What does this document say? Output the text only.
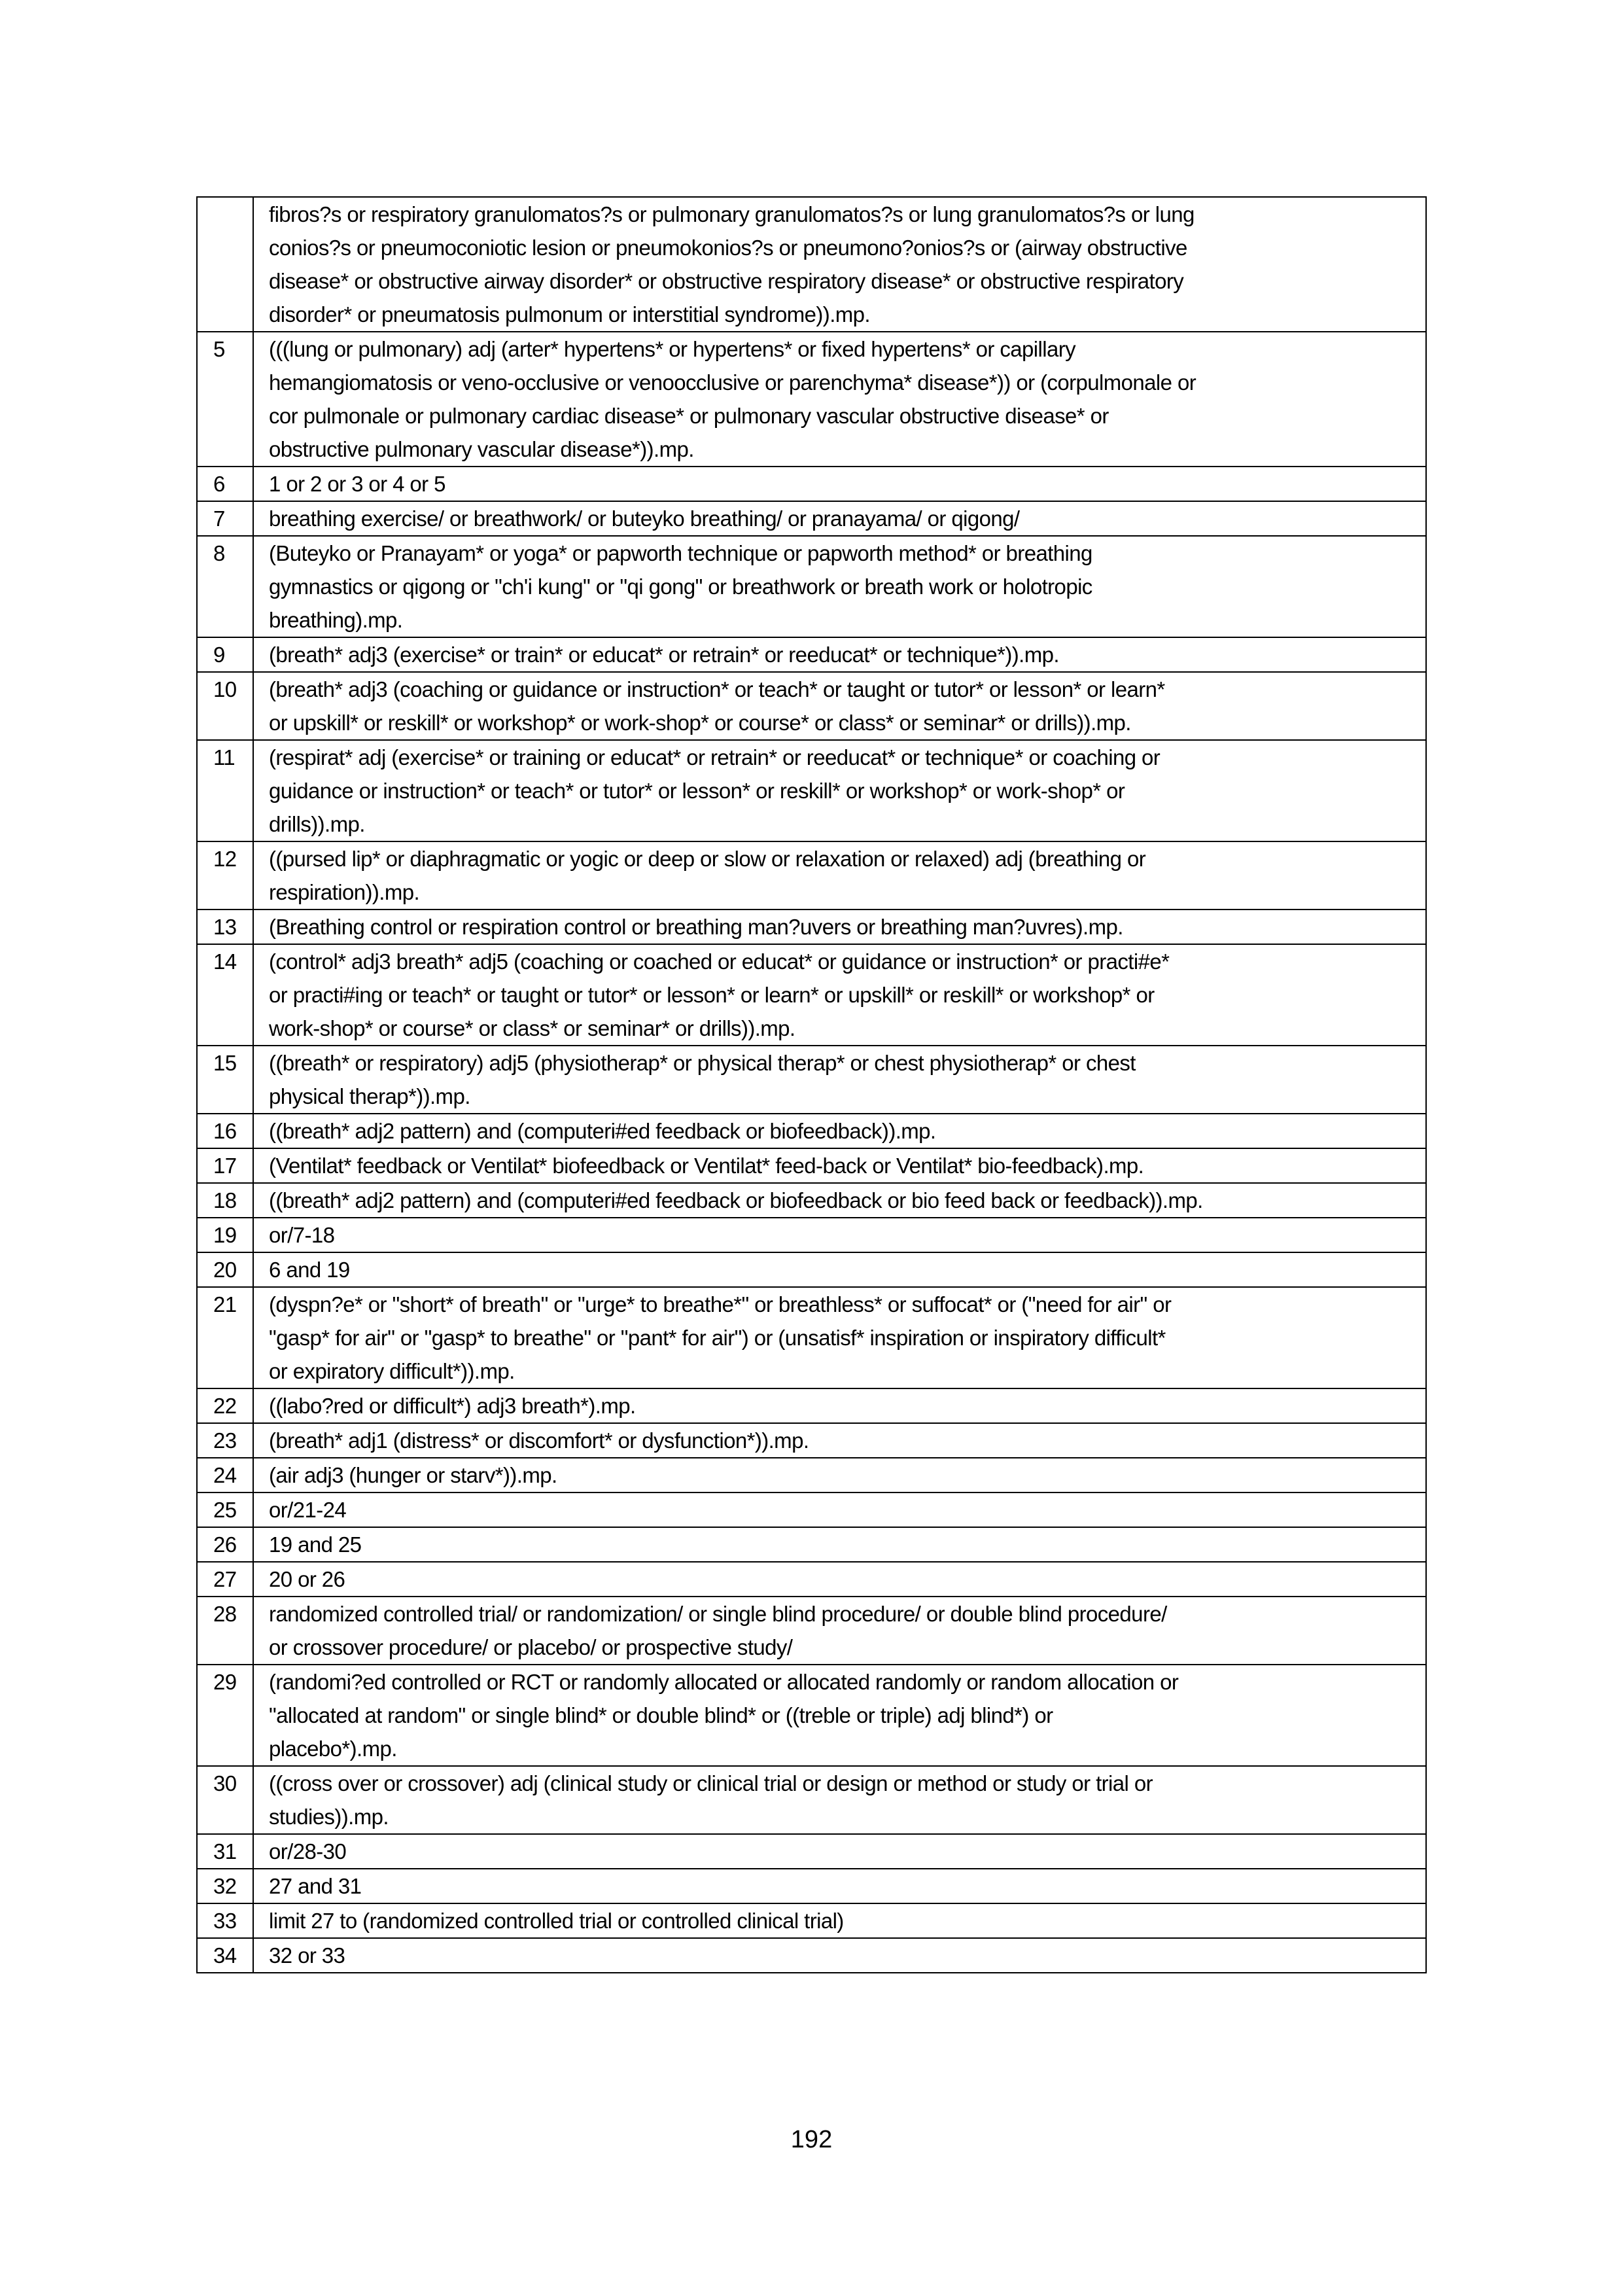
	fibros?s or respiratory granulomatos?s or pulmonary granulomatos?s or lung granulomatos?s or lung
conios?s or pneumoconiotic lesion or pneumokonios?s or pneumono?onios?s or (airway obstructive
disease* or obstructive airway disorder* or obstructive respiratory disease* or obstructive respiratory
disorder* or pneumatosis pulmonum or interstitial syndrome)).mp.

5	(((lung or pulmonary) adj (arter* hypertens* or hypertens* or fixed hypertens* or capillary
hemangiomatosis or veno-occlusive or venoocclusive or parenchyma* disease*)) or (corpulmonale or
cor pulmonale or pulmonary cardiac disease* or pulmonary vascular obstructive disease* or
obstructive pulmonary vascular disease*)).mp.

6	1 or 2 or 3 or 4 or 5

7	breathing exercise/ or breathwork/ or buteyko breathing/ or pranayama/ or qigong/

8	(Buteyko or Pranayam* or yoga* or papworth technique or papworth method* or breathing
gymnastics or qigong or "ch'i kung" or "qi gong" or breathwork or breath work or holotropic
breathing).mp.

9	(breath* adj3 (exercise* or train* or educat* or retrain* or reeducat* or technique*)).mp.

10	(breath* adj3 (coaching or guidance or instruction* or teach* or taught or tutor* or lesson* or learn*
or upskill* or reskill* or workshop* or work-shop* or course* or class* or seminar* or drills)).mp.

11	(respirat* adj (exercise* or training or educat* or retrain* or reeducat* or technique* or coaching or
guidance or instruction* or teach* or tutor* or lesson* or reskill* or workshop* or work-shop* or
drills)).mp.

12	((pursed lip* or diaphragmatic or yogic or deep or slow or relaxation or relaxed) adj (breathing or
respiration)).mp.

13	(Breathing control or respiration control or breathing man?uvers or breathing man?uvres).mp.

14	(control* adj3 breath* adj5 (coaching or coached or educat* or guidance or instruction* or practi#e*
or practi#ing or teach* or taught or tutor* or lesson* or learn* or upskill* or reskill* or workshop* or
work-shop* or course* or class* or seminar* or drills)).mp.

15	((breath* or respiratory) adj5 (physiotherap* or physical therap* or chest physiotherap* or chest
physical therap*)).mp.

16	((breath* adj2 pattern) and (computeri#ed feedback or biofeedback)).mp.

17	(Ventilat* feedback or Ventilat* biofeedback or Ventilat* feed-back or Ventilat* bio-feedback).mp.

18	((breath* adj2 pattern) and (computeri#ed feedback or biofeedback or bio feed back or feedback)).mp.

19	or/7-18

20	6 and 19

21	(dyspn?e* or "short* of breath" or "urge* to breathe*" or breathless* or suffocat* or ("need for air" or
"gasp* for air" or "gasp* to breathe" or "pant* for air") or (unsatisf* inspiration or inspiratory difficult*
or expiratory difficult*)).mp.

22	((labo?red or difficult*) adj3 breath*).mp.

23	(breath* adj1 (distress* or discomfort* or dysfunction*)).mp.

24	(air adj3 (hunger or starv*)).mp.

25	or/21-24

26	19 and 25

27	20 or 26

28	randomized controlled trial/ or randomization/ or single blind procedure/ or double blind procedure/
or crossover procedure/ or placebo/ or prospective study/

29	(randomi?ed controlled or RCT or randomly allocated or allocated randomly or random allocation or
"allocated at random" or single blind* or double blind* or ((treble or triple) adj blind*) or
placebo*).mp.

30	((cross over or crossover) adj (clinical study or clinical trial or design or method or study or trial or
studies)).mp.

31	or/28-30

32	27 and 31

33	limit 27 to (randomized controlled trial or controlled clinical trial)

34	32 or 33
192
